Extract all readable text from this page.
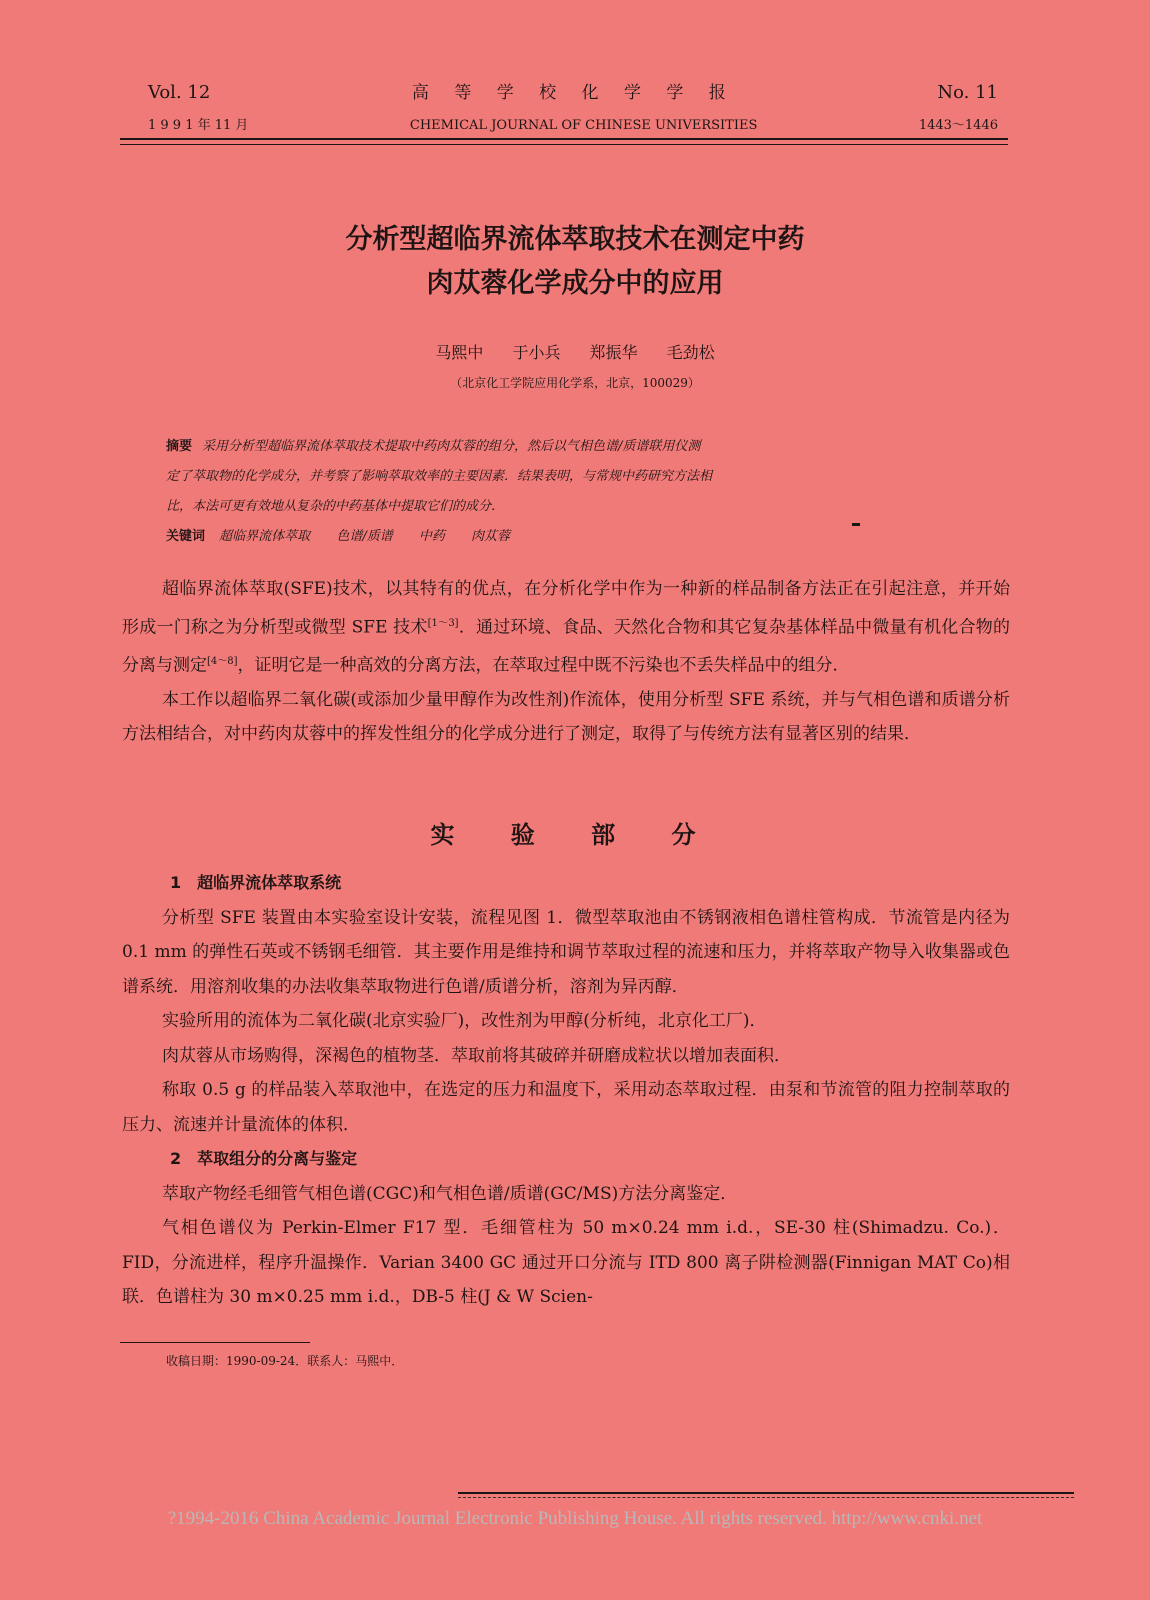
Vol. 12	高 等 学 校 化 学 学 报	No. 11
1 9 9 1 年 11 月	CHEMICAL JOURNAL OF CHINESE UNIVERSITIES	1443～1446
分析型超临界流体萃取技术在测定中药
肉苁蓉化学成分中的应用
马熙中 于小兵 郑振华 毛劲松
（北京化工学院应用化学系，北京，100029）
摘要 采用分析型超临界流体萃取技术提取中药肉苁蓉的组分，然后以气相色谱/质谱联用仪测
定了萃取物的化学成分，并考察了影响萃取效率的主要因素．结果表明，与常规中药研究方法相
比，本法可更有效地从复杂的中药基体中提取它们的成分．
关键词 超临界流体萃取 色谱/质谱 中药 肉苁蓉

超临界流体萃取(SFE)技术，以其特有的优点，在分析化学中作为一种新的样品制备方法正在引起注意，并开始形成一门称之为分析型或微型 SFE 技术[1～3]．通过环境、食品、天然化合物和其它复杂基体样品中微量有机化合物的分离与测定[4～8]，证明它是一种高效的分离方法，在萃取过程中既不污染也不丢失样品中的组分．

本工作以超临界二氧化碳(或添加少量甲醇作为改性剂)作流体，使用分析型 SFE 系统，并与气相色谱和质谱分析方法相结合，对中药肉苁蓉中的挥发性组分的化学成分进行了测定，取得了与传统方法有显著区别的结果．

实 验 部 分
1 超临界流体萃取系统

分析型 SFE 装置由本实验室设计安装，流程见图 1．微型萃取池由不锈钢液相色谱柱管构成．节流管是内径为 0.1 mm 的弹性石英或不锈钢毛细管．其主要作用是维持和调节萃取过程的流速和压力，并将萃取产物导入收集器或色谱系统．用溶剂收集的办法收集萃取物进行色谱/质谱分析，溶剂为异丙醇．

实验所用的流体为二氧化碳(北京实验厂)，改性剂为甲醇(分析纯，北京化工厂)．

肉苁蓉从市场购得，深褐色的植物茎．萃取前将其破碎并研磨成粒状以增加表面积．

称取 0.5 g 的样品装入萃取池中，在选定的压力和温度下，采用动态萃取过程．由泵和节流管的阻力控制萃取的压力、流速并计量流体的体积．

2 萃取组分的分离与鉴定

萃取产物经毛细管气相色谱(CGC)和气相色谱/质谱(GC/MS)方法分离鉴定．

气相色谱仪为 Perkin-Elmer F17 型．毛细管柱为 50 m×0.24 mm i.d.，SE-30 柱(Shimadzu. Co.)．FID，分流进样，程序升温操作．Varian 3400 GC 通过开口分流与 ITD 800 离子阱检测器(Finnigan MAT Co)相联．色谱柱为 30 m×0.25 mm i.d.，DB-5 柱(J & W Scien-

收稿日期：1990-09-24．联系人：马熙中．
?1994-2016 China Academic Journal Electronic Publishing House. All rights reserved. http://www.cnki.net
